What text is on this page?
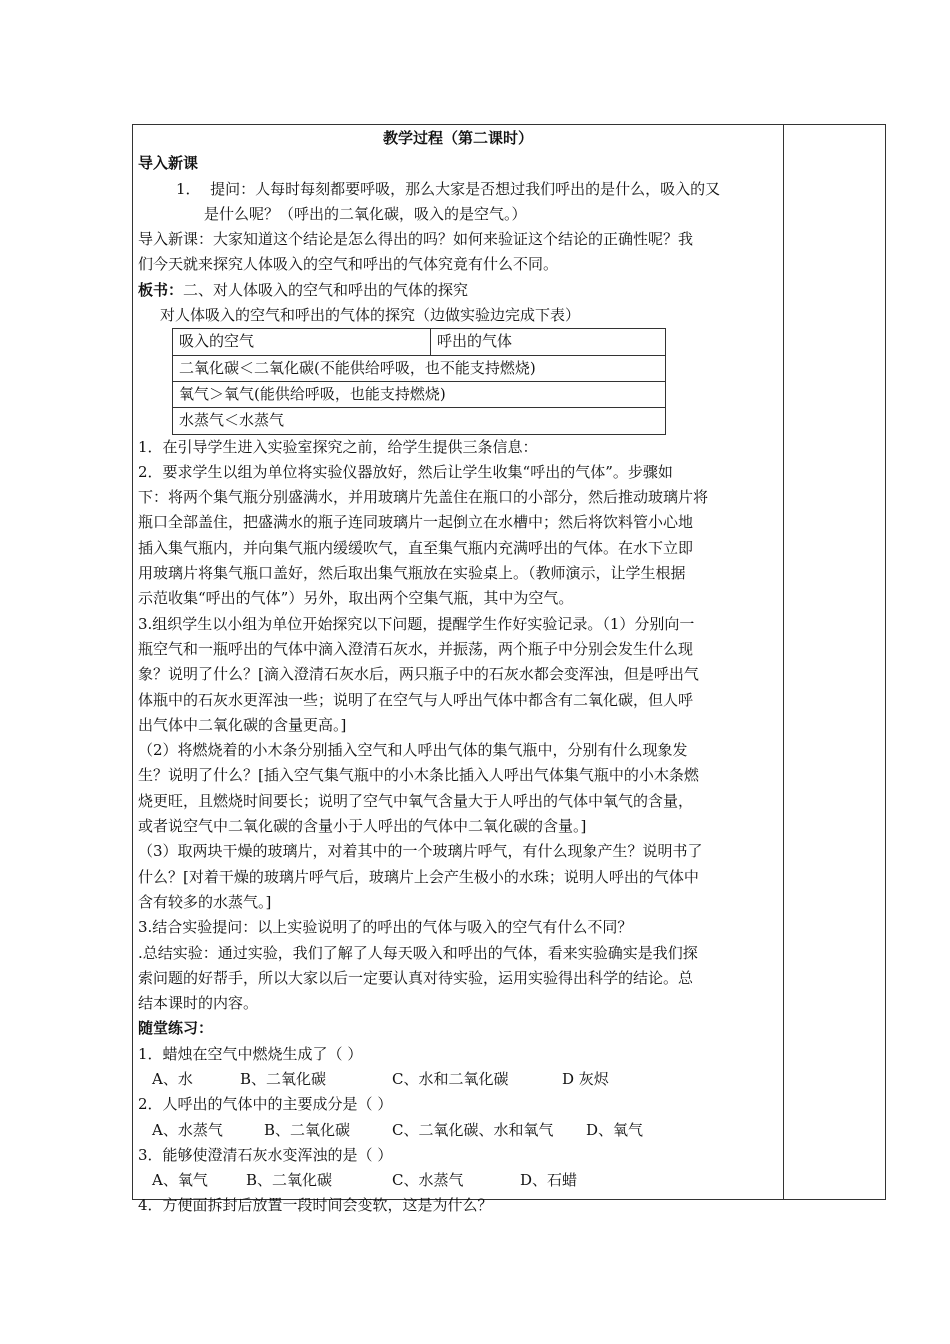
教学过程（第二课时）
导入新课
1． 提问：人每时每刻都要呼吸，那么大家是否想过我们呼出的是什么，吸入的又
是什么呢？（呼出的二氧化碳，吸入的是空气。）
导入新课：大家知道这个结论是怎么得出的吗？如何来验证这个结论的正确性呢？我
们今天就来探究人体吸入的空气和呼出的气体究竟有什么不同。
板书：二、对人体吸入的空气和呼出的气体的探究
对人体吸入的空气和呼出的气体的探究（边做实验边完成下表）
吸入的空气	呼出的气体
二氧化碳＜二氧化碳(不能供给呼吸，也不能支持燃烧)
氧气＞氧气(能供给呼吸，也能支持燃烧)
水蒸气＜水蒸气
1．在引导学生进入实验室探究之前，给学生提供三条信息：
2．要求学生以组为单位将实验仪器放好，然后让学生收集“呼出的气体”。步骤如
下：将两个集气瓶分别盛满水，并用玻璃片先盖住在瓶口的小部分，然后推动玻璃片将
瓶口全部盖住，把盛满水的瓶子连同玻璃片一起倒立在水槽中；然后将饮料管小心地
插入集气瓶内，并向集气瓶内缓缓吹气，直至集气瓶内充满呼出的气体。在水下立即
用玻璃片将集气瓶口盖好，然后取出集气瓶放在实验桌上。（教师演示，让学生根据
示范收集“呼出的气体”）另外，取出两个空集气瓶，其中为空气。
3.组织学生以小组为单位开始探究以下问题，提醒学生作好实验记录。（1）分别向一
瓶空气和一瓶呼出的气体中滴入澄清石灰水，并振荡，两个瓶子中分别会发生什么现
象？说明了什么？[滴入澄清石灰水后，两只瓶子中的石灰水都会变浑浊，但是呼出气
体瓶中的石灰水更浑浊一些；说明了在空气与人呼出气体中都含有二氧化碳，但人呼
出气体中二氧化碳的含量更高。]
（2）将燃烧着的小木条分别插入空气和人呼出气体的集气瓶中，分别有什么现象发
生？说明了什么？[插入空气集气瓶中的小木条比插入人呼出气体集气瓶中的小木条燃
烧更旺，且燃烧时间要长；说明了空气中氧气含量大于人呼出的气体中氧气的含量，
或者说空气中二氧化碳的含量小于人呼出的气体中二氧化碳的含量。]
（3）取两块干燥的玻璃片，对着其中的一个玻璃片呼气，有什么现象产生？说明书了
什么？[对着干燥的玻璃片呼气后，玻璃片上会产生极小的水珠；说明人呼出的气体中
含有较多的水蒸气。]
3.结合实验提问：以上实验说明了的呼出的气体与吸入的空气有什么不同？
.总结实验：通过实验，我们了解了人每天吸入和呼出的气体，看来实验确实是我们探
索问题的好帮手，所以大家以后一定要认真对待实验，运用实验得出科学的结论。总
结本课时的内容。
随堂练习：
1．蜡烛在空气中燃烧生成了（ ）
A、水	B、二氧化碳	C、水和二氧化碳	D 灰烬
2．人呼出的气体中的主要成分是（ ）
A、水蒸气	B、二氧化碳	C、二氧化碳、水和氧气 D、氧气
3．能够使澄清石灰水变浑浊的是（ ）
A、氧气	B、二氧化碳	C、水蒸气	D、石蜡
4．方便面拆封后放置一段时间会变软，这是为什么？
